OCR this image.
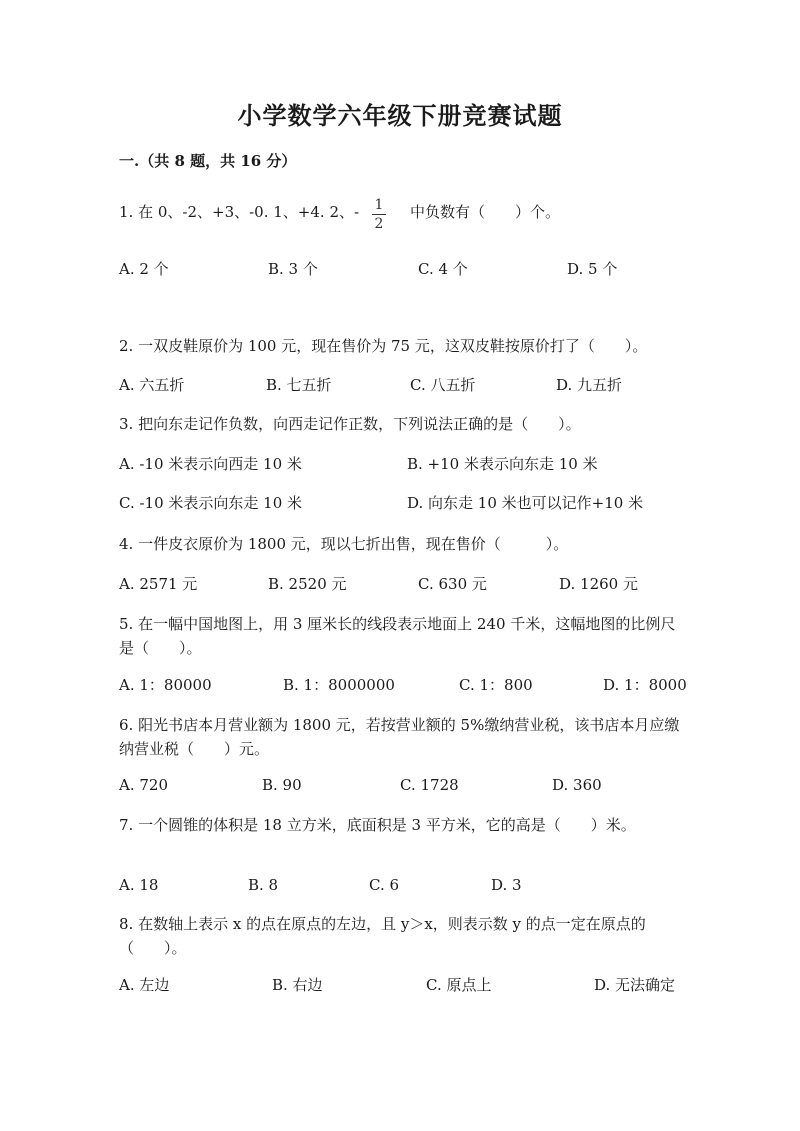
小学数学六年级下册竞赛试题
一.（共 8 题，共 16 分）
1. 在 0、-2、+3、-0. 1、+4. 2、-	1
2
中负数有（　　）个。
A. 2 个	B. 3 个	C. 4 个	D. 5 个
2. 一双皮鞋原价为 100 元，现在售价为 75 元，这双皮鞋按原价打了（　　）。
A. 六五折	B. 七五折	C. 八五折	D. 九五折
3. 把向东走记作负数，向西走记作正数，下列说法正确的是（　　）。
A. -10 米表示向西走 10 米	B. +10 米表示向东走 10 米
C. -10 米表示向东走 10 米	D. 向东走 10 米也可以记作+10 米
4. 一件皮衣原价为 1800 元，现以七折出售，现在售价（　　　）。
A. 2571 元	B. 2520 元	C. 630 元	D. 1260 元
5. 在一幅中国地图上，用 3 厘米长的线段表示地面上 240 千米，这幅地图的比例尺是（　　）。
A. 1：80000	B. 1：8000000	C. 1：800	D. 1：8000
6. 阳光书店本月营业额为 1800 元，若按营业额的 5%缴纳营业税，该书店本月应缴纳营业税（　　）元。
A. 720	B. 90	C. 1728	D. 360
7. 一个圆锥的体积是 18 立方米，底面积是 3 平方米，它的高是（　　）米。
A. 18	B. 8	C. 6	D. 3
8. 在数轴上表示 x 的点在原点的左边，且 y＞x，则表示数 y 的点一定在原点的（　　）。
A. 左边	B. 右边	C. 原点上	D. 无法确定
